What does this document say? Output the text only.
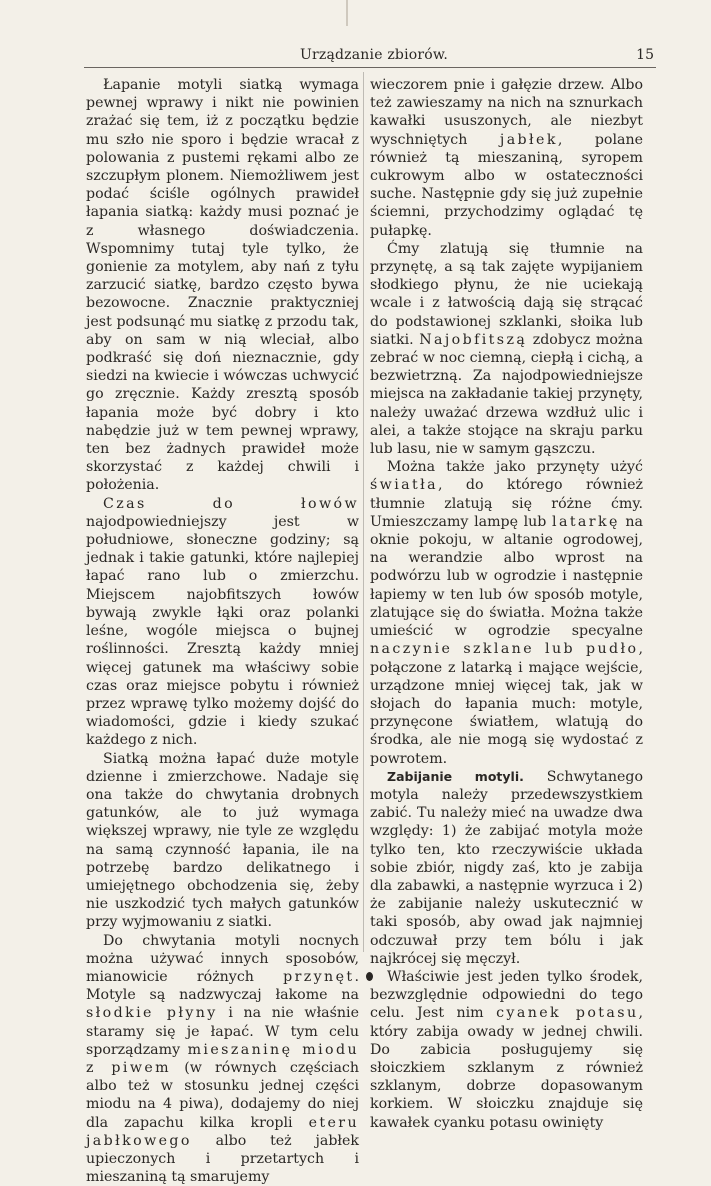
Urządzanie zbiorów.	15

Łapanie motyli siatką wymaga pewnej wprawy i nikt nie powinien zrażać się tem, iż z początku będzie mu szło nie sporo i będzie wracał z polowania z pustemi rękami albo ze szczupłym plonem. Niemożliwem jest podać ściśle ogólnych prawideł łapania siatką: każdy musi poznać je z własnego doświadczenia. Wspomnimy tutaj tyle tylko, że gonienie za motylem, aby nań z tyłu zarzucić siatkę, bardzo często bywa bezowocne. Znacznie praktyczniej jest podsunąć mu siatkę z przodu tak, aby on sam w nią wleciał, albo podkraść się doń nieznacznie, gdy siedzi na kwiecie i wówczas uchwycić go zręcznie. Każdy zresztą sposób łapania może być dobry i kto nabędzie już w tem pewnej wprawy, ten bez żadnych prawideł może skorzystać z każdej chwili i położenia.

Czas do łowów najodpowiedniejszy jest w południowe, słoneczne godziny; są jednak i takie gatunki, które najlepiej łapać rano lub o zmierzchu. Miejscem najobfitszych łowów bywają zwykle łąki oraz polanki leśne, wogóle miejsca o bujnej roślinności. Zresztą każdy mniej więcej gatunek ma właściwy sobie czas oraz miejsce pobytu i również przez wprawę tylko możemy dojść do wiadomości, gdzie i kiedy szukać każdego z nich.

Siatką można łapać duże motyle dzienne i zmierzchowe. Nadaje się ona także do chwytania drobnych gatunków, ale to już wymaga większej wprawy, nie tyle ze względu na samą czynność łapania, ile na potrzebę bardzo delikatnego i umiejętnego obchodzenia się, żeby nie uszkodzić tych małych gatunków przy wyjmowaniu z siatki.

Do chwytania motyli nocnych można używać innych sposobów, mianowicie różnych przynęt. Motyle są nadzwyczaj łakome na słodkie płyny i na nie właśnie staramy się je łapać. W tym celu sporządzamy mieszaninę miodu z piwem (w równych częściach albo też w stosunku jednej części miodu na 4 piwa), dodajemy do niej dla zapachu kilka kropli eteru jabłkowego albo też jabłek upieczonych i przetartych i mieszaniną tą smarujemy

wieczorem pnie i gałęzie drzew. Albo też zawieszamy na nich na sznurkach kawałki ususzonych, ale niezbyt wyschniętych jabłek, polane również tą mieszaniną, syropem cukrowym albo w ostateczności suche. Następnie gdy się już zupełnie ściemni, przychodzimy oglądać tę pułapkę.

Ćmy zlatują się tłumnie na przynętę, a są tak zajęte wypijaniem słodkiego płynu, że nie uciekają wcale i z łatwością dają się strącać do podstawionej szklanki, słoika lub siatki. Najobfitszą zdobycz można zebrać w noc ciemną, ciepłą i cichą, a bezwietrzną. Za najodpowiedniejsze miejsca na zakładanie takiej przynęty, należy uważać drzewa wzdłuż ulic i alei, a także stojące na skraju parku lub lasu, nie w samym gąszczu.

Można także jako przynęty użyć światła, do którego również tłumnie zlatują się różne ćmy. Umieszczamy lampę lub latarkę na oknie pokoju, w altanie ogrodowej, na werandzie albo wprost na podwórzu lub w ogrodzie i następnie łapiemy w ten lub ów sposób motyle, zlatujące się do światła. Można także umieścić w ogrodzie specyalne naczynie szklane lub pudło, połączone z latarką i mające wejście, urządzone mniej więcej tak, jak w słojach do łapania much: motyle, przynęcone światłem, wlatują do środka, ale nie mogą się wydostać z powrotem.

Zabijanie motyli. Schwytanego motyla należy przedewszystkiem zabić. Tu należy mieć na uwadze dwa względy: 1) że zabijać motyla może tylko ten, kto rzeczywiście układa sobie zbiór, nigdy zaś, kto je zabija dla zabawki, a następnie wyrzuca i 2) że zabijanie należy uskutecznić w taki sposób, aby owad jak najmniej odczuwał przy tem bólu i jak najkrócej się męczył.

Właściwie jest jeden tylko środek, bezwzględnie odpowiedni do tego celu. Jest nim cyanek potasu, który zabija owady w jednej chwili. Do zabicia posługujemy się słoiczkiem szklanym z również szklanym, dobrze dopasowanym korkiem. W słoiczku znajduje się kawałek cyanku potasu owinięty
